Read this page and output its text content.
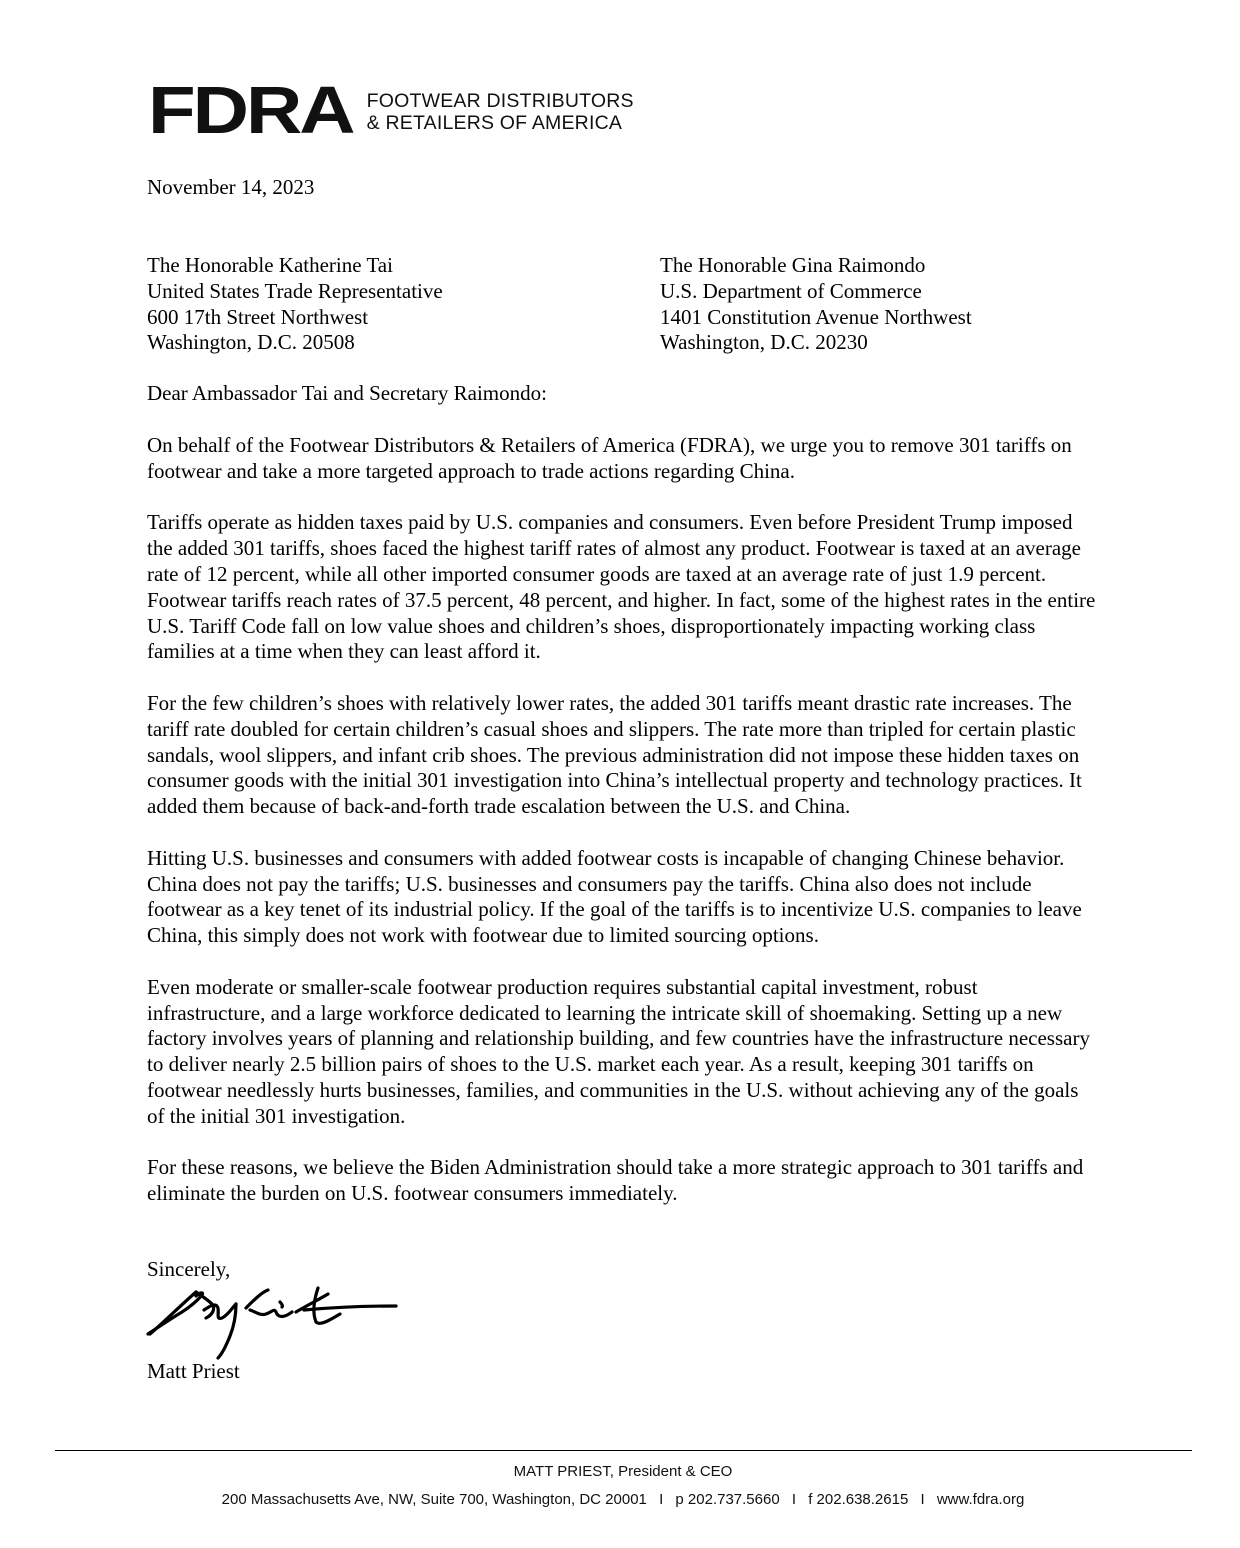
FDRA FOOTWEAR DISTRIBUTORS
& RETAILERS OF AMERICA
November 14, 2023
The Honorable Katherine Tai
United States Trade Representative
600 17th Street Northwest
Washington, D.C. 20508
The Honorable Gina Raimondo
U.S. Department of Commerce
1401 Constitution Avenue Northwest
Washington, D.C. 20230
Dear Ambassador Tai and Secretary Raimondo:

On behalf of the Footwear Distributors & Retailers of America (FDRA), we urge you to remove 301 tariffs on footwear and take a more targeted approach to trade actions regarding China.

Tariffs operate as hidden taxes paid by U.S. companies and consumers. Even before President Trump imposed the added 301 tariffs, shoes faced the highest tariff rates of almost any product. Footwear is taxed at an average rate of 12 percent, while all other imported consumer goods are taxed at an average rate of just 1.9 percent. Footwear tariffs reach rates of 37.5 percent, 48 percent, and higher. In fact, some of the highest rates in the entire U.S. Tariff Code fall on low value shoes and children’s shoes, disproportionately impacting working class families at a time when they can least afford it.

For the few children’s shoes with relatively lower rates, the added 301 tariffs meant drastic rate increases. The tariff rate doubled for certain children’s casual shoes and slippers. The rate more than tripled for certain plastic sandals, wool slippers, and infant crib shoes. The previous administration did not impose these hidden taxes on consumer goods with the initial 301 investigation into China’s intellectual property and technology practices. It added them because of back-and-forth trade escalation between the U.S. and China.

Hitting U.S. businesses and consumers with added footwear costs is incapable of changing Chinese behavior. China does not pay the tariffs; U.S. businesses and consumers pay the tariffs. China also does not include footwear as a key tenet of its industrial policy. If the goal of the tariffs is to incentivize U.S. companies to leave China, this simply does not work with footwear due to limited sourcing options.

Even moderate or smaller-scale footwear production requires substantial capital investment, robust infrastructure, and a large workforce dedicated to learning the intricate skill of shoemaking. Setting up a new factory involves years of planning and relationship building, and few countries have the infrastructure necessary to deliver nearly 2.5 billion pairs of shoes to the U.S. market each year. As a result, keeping 301 tariffs on footwear needlessly hurts businesses, families, and communities in the U.S. without achieving any of the goals of the initial 301 investigation.

For these reasons, we believe the Biden Administration should take a more strategic approach to 301 tariffs and eliminate the burden on U.S. footwear consumers immediately.

Sincerely,
Matt Priest
MATT PRIEST, President & CEO
200 Massachusetts Ave, NW, Suite 700, Washington, DC 20001 I p 202.737.5660 I f 202.638.2615 I www.fdra.org
